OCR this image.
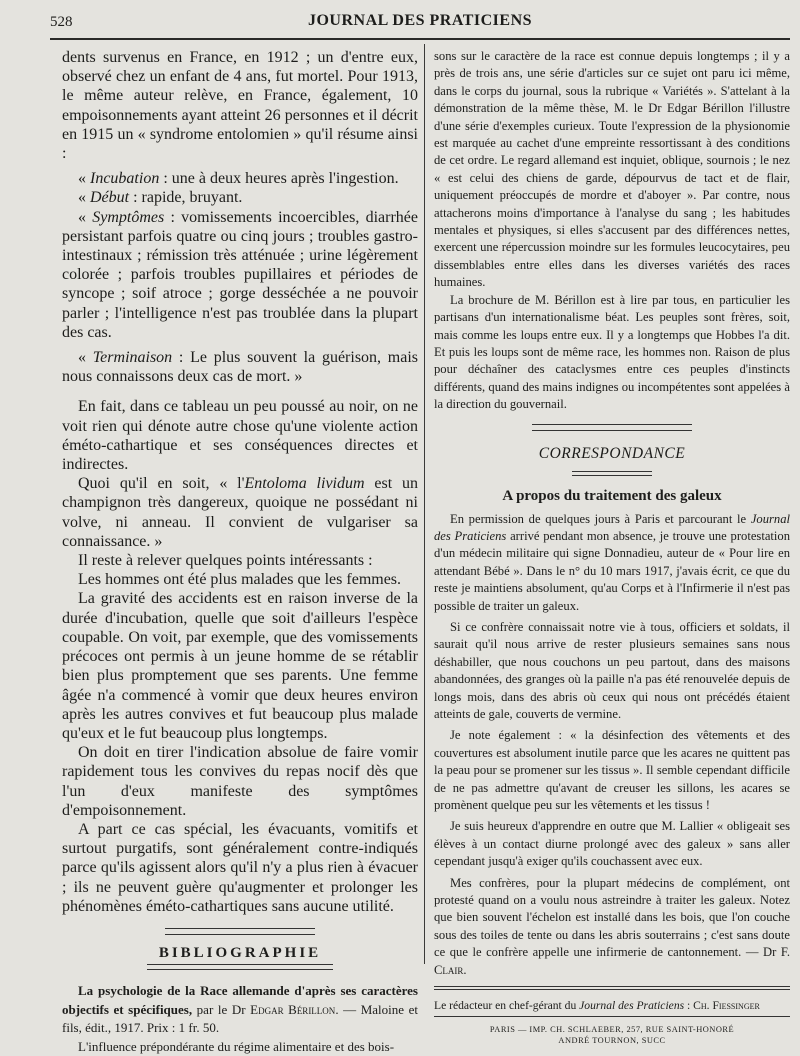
528	JOURNAL DES PRATICIENS

dents survenus en France, en 1912 ; un d'entre eux, observé chez un enfant de 4 ans, fut mortel. Pour 1913, le même auteur relève, en France, également, 10 empoisonnements ayant atteint 26 personnes et il décrit en 1915 un « syndrome entolomien » qu'il résume ainsi :

« Incubation : une à deux heures après l'ingestion.

« Début : rapide, bruyant.

« Symptômes : vomissements incoercibles, diarrhée persistant parfois quatre ou cinq jours ; troubles gastro-intestinaux ; rémission très atténuée ; urine légèrement colorée ; parfois troubles pupillaires et périodes de syncope ; soif atroce ; gorge desséchée a ne pouvoir parler ; l'intelligence n'est pas troublée dans la plupart des cas.

« Terminaison : Le plus souvent la guérison, mais nous connaissons deux cas de mort. »

En fait, dans ce tableau un peu poussé au noir, on ne voit rien qui dénote autre chose qu'une violente action éméto-cathartique et ses conséquences directes et indirectes.

Quoi qu'il en soit, « l'Entoloma lividum est un champignon très dangereux, quoique ne possédant ni volve, ni anneau. Il convient de vulgariser sa connaissance. »

Il reste à relever quelques points intéressants :

Les hommes ont été plus malades que les femmes.

La gravité des accidents est en raison inverse de la durée d'incubation, quelle que soit d'ailleurs l'espèce coupable. On voit, par exemple, que des vomissements précoces ont permis à un jeune homme de se rétablir bien plus promptement que ses parents. Une femme âgée n'a commencé à vomir que deux heures environ après les autres convives et fut beaucoup plus malade qu'eux et le fut beaucoup plus longtemps.

On doit en tirer l'indication absolue de faire vomir rapidement tous les convives du repas nocif dès que l'un d'eux manifeste des symptômes d'empoisonnement.

A part ce cas spécial, les évacuants, vomitifs et surtout purgatifs, sont généralement contre-indiqués parce qu'ils agissent alors qu'il n'y a plus rien à évacuer ; ils ne peuvent guère qu'augmenter et prolonger les phénomènes éméto-cathartiques sans aucune utilité.

BIBLIOGRAPHIE

La psychologie de la Race allemande d'après ses caractères objectifs et spécifiques, par le Dr Edgar Bérillon. — Maloine et fils, édit., 1917. Prix : 1 fr. 50.

L'influence prépondérante du régime alimentaire et des bois-

sons sur le caractère de la race est connue depuis longtemps ; il y a près de trois ans, une série d'articles sur ce sujet ont paru ici même, dans le corps du journal, sous la rubrique « Variétés ». S'attelant à la démonstration de la même thèse, M. le Dr Edgar Bérillon l'illustre d'une série d'exemples curieux. Toute l'expression de la physionomie est marquée au cachet d'une empreinte ressortissant à des conditions de cet ordre. Le regard allemand est inquiet, oblique, sournois ; le nez « est celui des chiens de garde, dépourvus de tact et de flair, uniquement préoccupés de mordre et d'aboyer ». Par contre, nous attacherons moins d'importance à l'analyse du sang ; les habitudes mentales et physiques, si elles s'accusent par des différences nettes, exercent une répercussion moindre sur les formules leucocytaires, peu dissemblables entre elles dans les diverses variétés des races humaines.

La brochure de M. Bérillon est à lire par tous, en particulier les partisans d'un internationalisme béat. Les peuples sont frères, soit, mais comme les loups entre eux. Il y a longtemps que Hobbes l'a dit. Et puis les loups sont de même race, les hommes non. Raison de plus pour déchaîner des cataclysmes entre ces peuples d'instincts différents, quand des mains indignes ou incompétentes sont appelées à la direction du gouvernail.

CORRESPONDANCE
A propos du traitement des galeux

En permission de quelques jours à Paris et parcourant le Journal des Praticiens arrivé pendant mon absence, je trouve une protestation d'un médecin militaire qui signe Donnadieu, auteur de « Pour lire en attendant Bébé ». Dans le n° du 10 mars 1917, j'avais écrit, ce que du reste je maintiens absolument, qu'au Corps et à l'Infirmerie il n'est pas possible de traiter un galeux.

Si ce confrère connaissait notre vie à tous, officiers et soldats, il saurait qu'il nous arrive de rester plusieurs semaines sans nous déshabiller, que nous couchons un peu partout, dans des maisons abandonnées, des granges où la paille n'a pas été renouvelée depuis de longs mois, dans des abris où ceux qui nous ont précédés étaient atteints de gale, couverts de vermine.

Je note également : « la désinfection des vêtements et des couvertures est absolument inutile parce que les acares ne quittent pas la peau pour se promener sur les tissus ». Il semble cependant difficile de ne pas admettre qu'avant de creuser les sillons, les acares se promènent quelque peu sur les vêtements et les tissus !

Je suis heureux d'apprendre en outre que M. Lallier « obligeait ses élèves à un contact diurne prolongé avec des galeux » sans aller cependant jusqu'à exiger qu'ils couchassent avec eux.

Mes confrères, pour la plupart médecins de complément, ont protesté quand on a voulu nous astreindre à traiter les galeux. Notez que bien souvent l'échelon est installé dans les bois, que l'on couche sous des toiles de tente ou dans les abris souterrains ; c'est sans doute ce que le confrère appelle une infirmerie de cantonnement. — Dr F. Clair.

Le rédacteur en chef-gérant du Journal des Praticiens : Ch. Fiessinger
PARIS — IMP. CH. SCHLAEBER, 257, RUE SAINT-HONORÉ
ANDRÉ TOURNON, SUCC
